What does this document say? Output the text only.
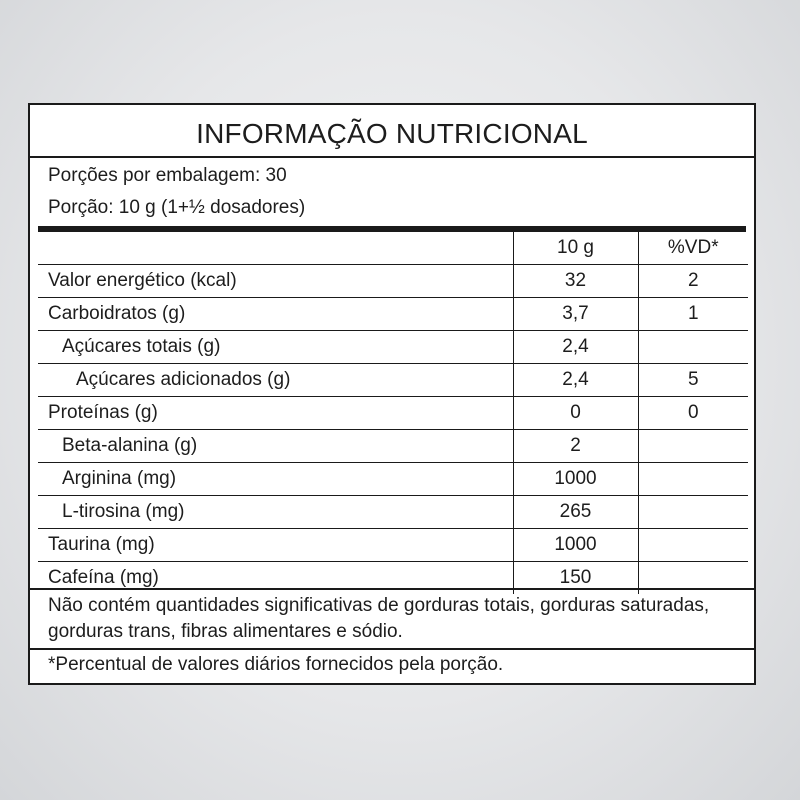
INFORMAÇÃO NUTRICIONAL
Porções por embalagem: 30
Porção: 10 g (1+½ dosadores)
	10 g	%VD*
Valor energético (kcal)	32	2
Carboidratos (g)	3,7	1
Açúcares totais (g)	2,4	
Açúcares adicionados (g)	2,4	5
Proteínas (g)	0	0
Beta-alanina (g)	2	
Arginina (mg)	1000	
L-tirosina (mg)	265	
Taurina (mg)	1000	
Cafeína (mg)	150	
Não contém quantidades significativas de gorduras totais, gorduras saturadas, gorduras trans, fibras alimentares e sódio.
*Percentual de valores diários fornecidos pela porção.
